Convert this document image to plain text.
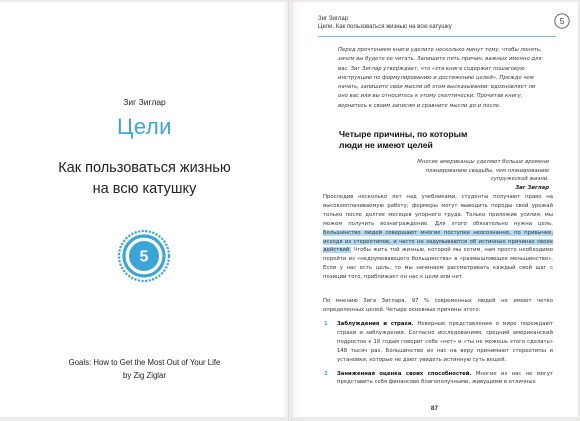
Зиг Зиглар
Цели
Как пользоваться жизнью
на всю катушку
5
Goals: How to Get the Most Out of Your Life
by Zig Ziglar
Зиг Зиглар
Цели. Как пользоваться жизнью на всю катушку
5
Перед прочтением книги уделите несколько минут тому, чтобы понять, зачем вы будете ее читать. Запишите пять причин, важных именно для вас. Зиг Зиглар утверждает, что «эта книга содержит пошаговую инструкцию по формулированию и достижению целей». Прежде чем начать, запишите свои мысли об этом высказывании: вдохновляет ли оно вас или вы относитесь к этому скептически. Прочитав книгу, вернитесь к своим записям и сравните мысли до и после.
Четыре причины, по которым
люди не имеют целей
Многие американцы уделяют больше времени планированию свадьбы, чем планированию супружеской жизни.
Зиг Зиглар
Проследив несколько лет над учебниками, студенты получают право на высокооплачиваемую работу; фермеры могут выводить породы свой урожай только после долгих месяцев упорного труда. Только приложив усилия, мы можем получить вознаграждение. Для этого обязательно нужна цель. Большинство людей совершают многие поступки неосознанно, по привычке, исходя из стереотипов, и часто не задумываются об истинных причинах своих действий. Чтобы жить той жизнью, которой мы хотим, нам просто необходимо перейти из «недоумевающего большинства» в «размышляющее меньшинство». Если у нас есть цель, то мы начинаем рассматривать каждый свой шаг с позиции того, приближает он нас к цели или нет.
По мнению Зига Зиглара, 97 % современных людей не имеют четко определенных целей. Четыре основные причины этого:
1 Заблуждения и страхи. Неверные представления о мире порождают страхи и заблуждения. Согласно исследованиям, средний американский подросток к 18 годам говорит себе «нет» и «ты не можешь этого сделать» 148 тысяч раз. Большинство из нас на веру принимают стереотипы и установки, которые не дают увидеть истинную суть вещей.
2 Заниженная оценка своих способностей. Многие из нас не могут представить себя финансово благополучными, живущими в отличных
87
